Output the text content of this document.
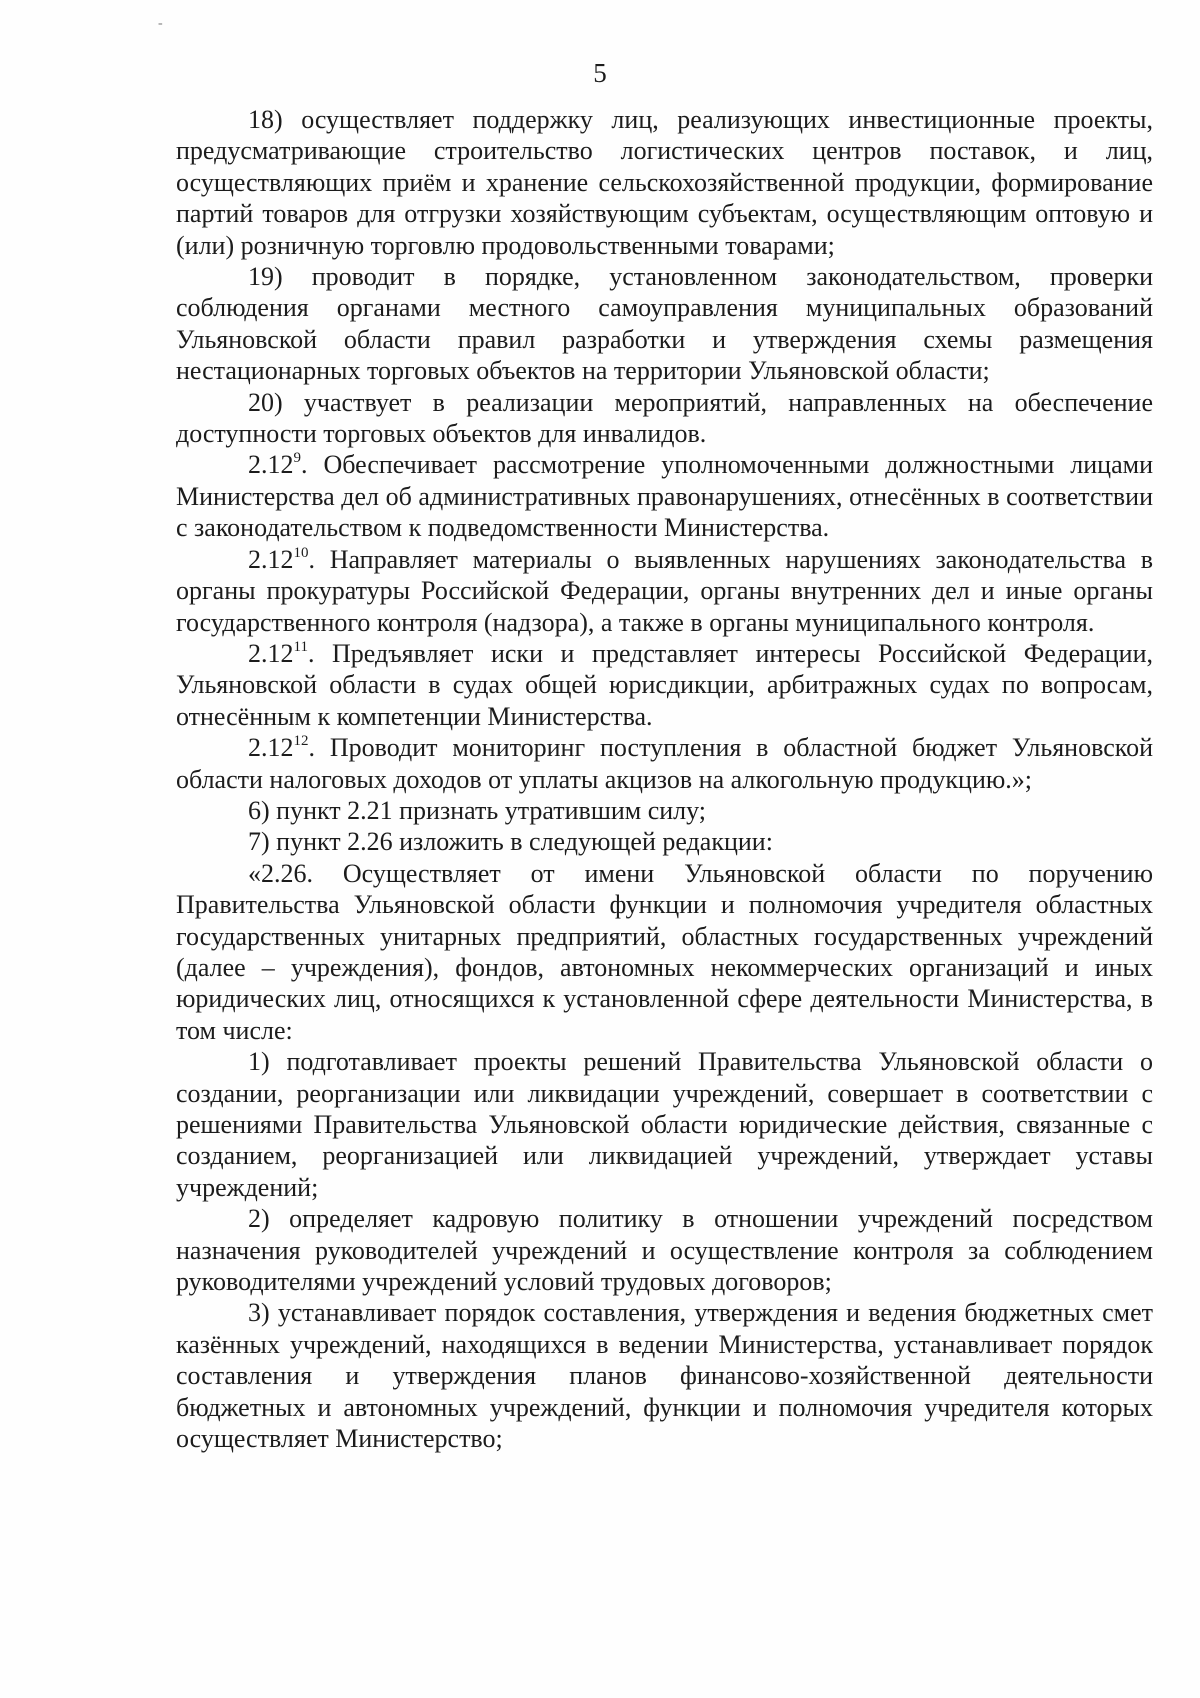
5
-

18) осуществляет поддержку лиц, реализующих инвестиционные проекты, предусматривающие строительство логистических центров поставок, и лиц, осуществляющих приём и хранение сельскохозяйственной продукции, формирование партий товаров для отгрузки хозяйствующим субъектам, осуществляющим оптовую и (или) розничную торговлю продовольственными товарами;

19) проводит в порядке, установленном законодательством, проверки соблюдения органами местного самоуправления муниципальных образований Ульяновской области правил разработки и утверждения схемы размещения нестационарных торговых объектов на территории Ульяновской области;

20) участвует в реализации мероприятий, направленных на обеспечение доступности торговых объектов для инвалидов.

2.12$^9$. Обеспечивает рассмотрение уполномоченными должностными лицами Министерства дел об административных правонарушениях, отнесённых в соответствии с законодательством к подведомственности Министерства.

2.12$^{10}$. Направляет материалы о выявленных нарушениях законодательства в органы прокуратуры Российской Федерации, органы внутренних дел и иные органы государственного контроля (надзора), а также в органы муниципального контроля.

2.12$^{11}$. Предъявляет иски и представляет интересы Российской Федерации, Ульяновской области в судах общей юрисдикции, арбитражных судах по вопросам, отнесённым к компетенции Министерства.

2.12$^{12}$. Проводит мониторинг поступления в областной бюджет Ульяновской области налоговых доходов от уплаты акцизов на алкогольную продукцию.»;

6) пункт 2.21 признать утратившим силу;

7) пункт 2.26 изложить в следующей редакции:

«2.26. Осуществляет от имени Ульяновской области по поручению Правительства Ульяновской области функции и полномочия учредителя областных государственных унитарных предприятий, областных государственных учреждений (далее – учреждения), фондов, автономных некоммерческих организаций и иных юридических лиц, относящихся к установленной сфере деятельности Министерства, в том числе:

1) подготавливает проекты решений Правительства Ульяновской области о создании, реорганизации или ликвидации учреждений, совершает в соответствии с решениями Правительства Ульяновской области юридические действия, связанные с созданием, реорганизацией или ликвидацией учреждений, утверждает уставы учреждений;

2) определяет кадровую политику в отношении учреждений посредством назначения руководителей учреждений и осуществление контроля за соблюдением руководителями учреждений условий трудовых договоров;

3) устанавливает порядок составления, утверждения и ведения бюджетных смет казённых учреждений, находящихся в ведении Министерства, устанавливает порядок составления и утверждения планов финансово-хозяйственной деятельности бюджетных и автономных учреждений, функции и полномочия учредителя которых осуществляет Министерство;
